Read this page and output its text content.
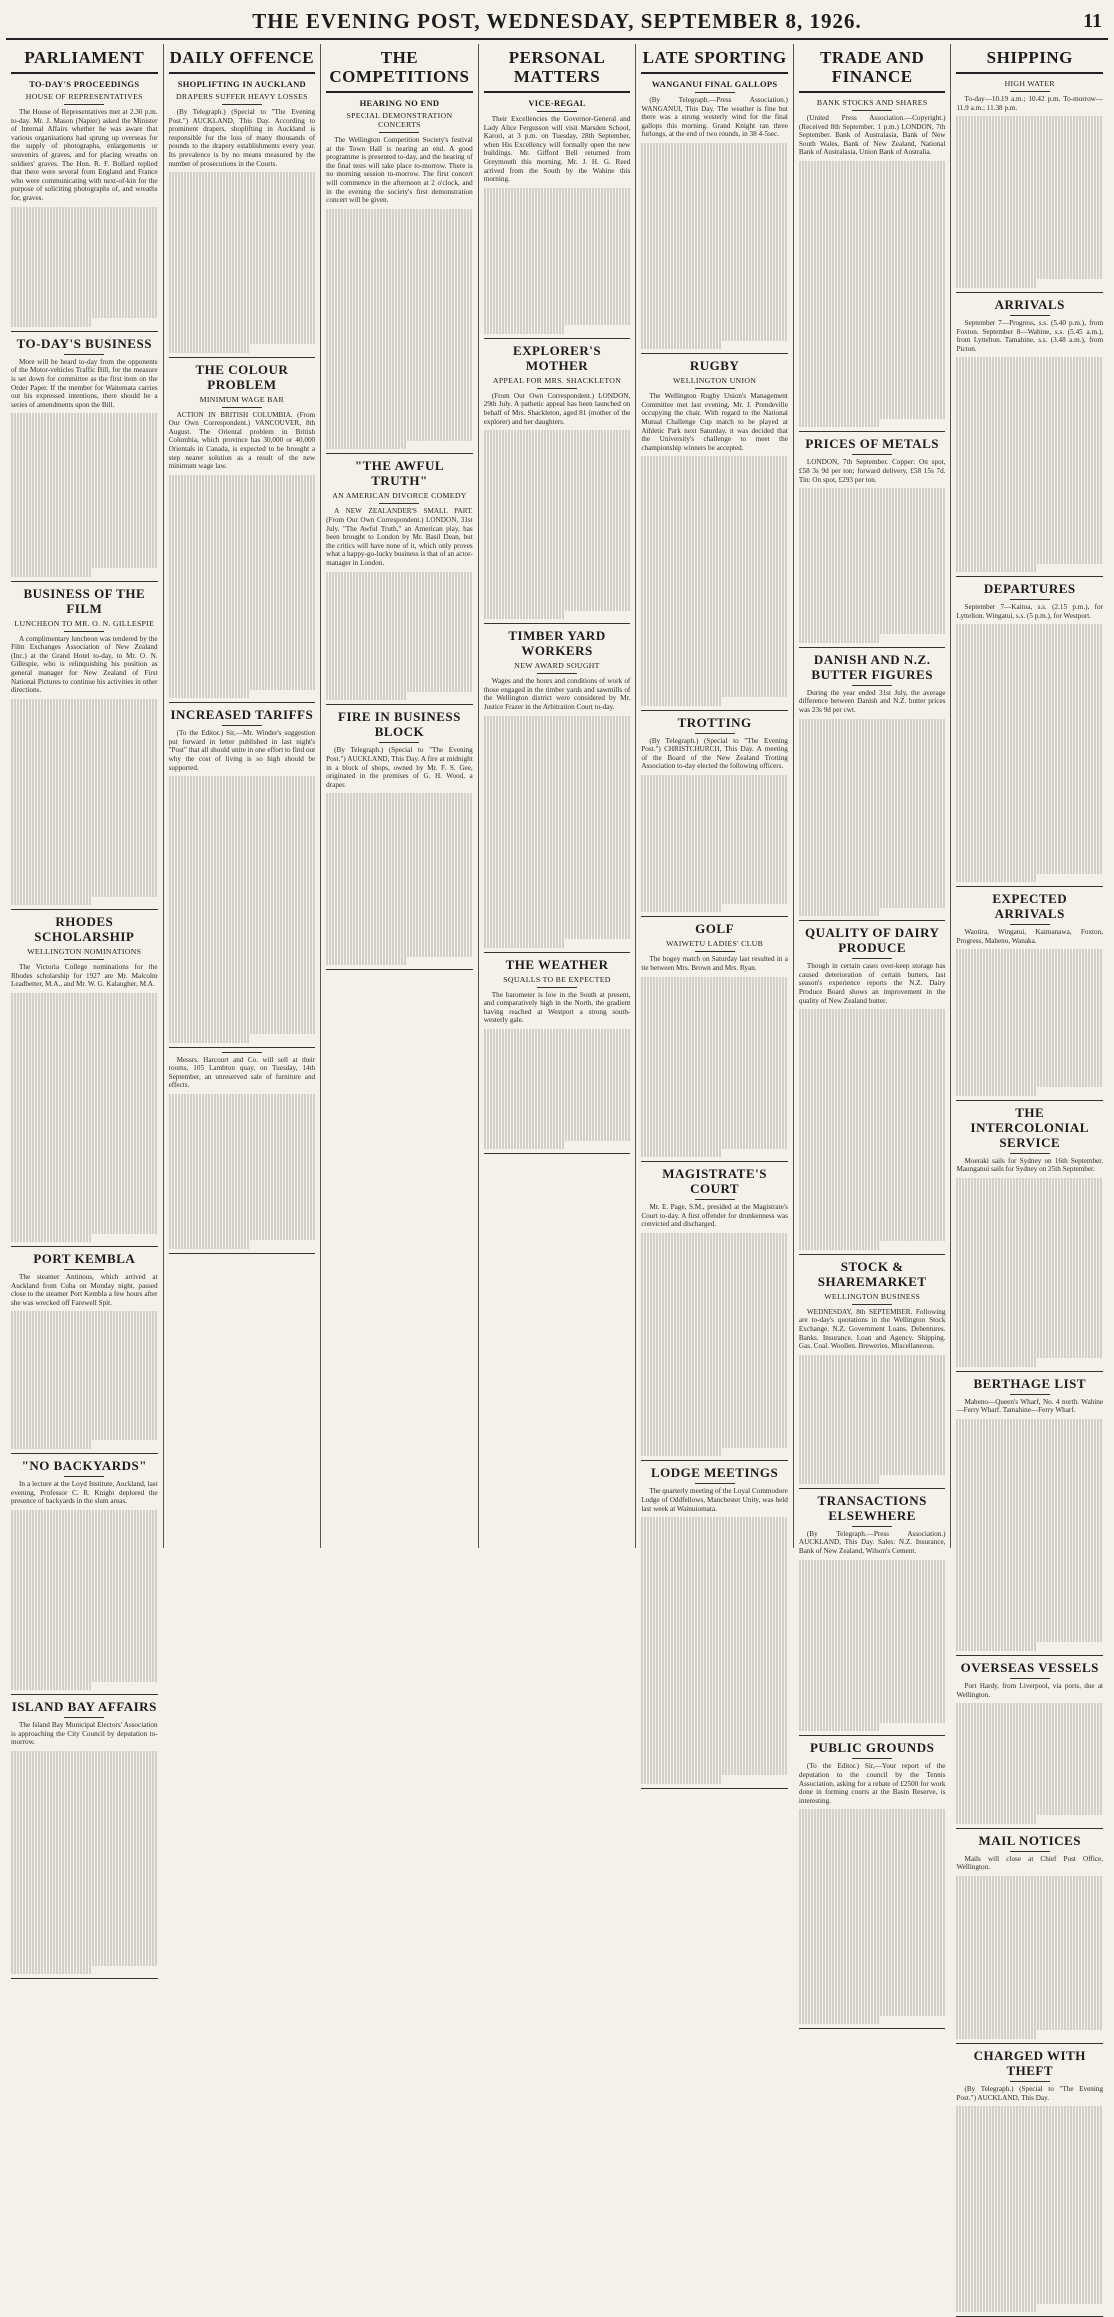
THE EVENING POST, WEDNESDAY, SEPTEMBER 8, 1926.	11
PARLIAMENT
TO-DAY'S PROCEEDINGS
HOUSE OF REPRESENTATIVES

The House of Representatives met at 2.30 p.m. to-day. Mr. J. Mason (Napier) asked the Minister of Internal Affairs whether he was aware that various organisations had sprung up overseas for the supply of photographs, enlargements or souvenirs of graves, and for placing wreaths on soldiers' graves. The Hon. R. F. Bollard replied that there were several from England and France who were communicating with next-of-kin for the purpose of soliciting photographs of, and wreaths for, graves.

TO-DAY'S BUSINESS

More will be heard to-day from the opponents of the Motor-vehicles Traffic Bill, for the measure is set down for committee as the first item on the Order Paper. If the member for Waitemata carries out his expressed intentions, there should be a series of amendments upon the Bill.

BUSINESS OF THE FILM
LUNCHEON TO MR. O. N. GILLESPIE

A complimentary luncheon was tendered by the Film Exchanges Association of New Zealand (Inc.) at the Grand Hotel to-day, to Mr. O. N. Gillespie, who is relinquishing his position as general manager for New Zealand of First National Pictures to continue his activities in other directions.

RHODES SCHOLARSHIP
WELLINGTON NOMINATIONS

The Victoria College nominations for the Rhodes scholarship for 1927 are Mr. Malcolm Leadbetter, M.A., and Mr. W. G. Kalaugher, M.A.

PORT KEMBLA

The steamer Antinous, which arrived at Auckland from Cuba on Monday night, passed close to the steamer Port Kembla a few hours after she was wrecked off Farewell Spit.

"NO BACKYARDS"

In a lecture at the Loyd Institute, Auckland, last evening, Professor C. R. Knight deplored the presence of backyards in the slum areas.

ISLAND BAY AFFAIRS

The Island Bay Municipal Electors' Association is approaching the City Council by deputation to-morrow.

DAILY OFFENCE
SHOPLIFTING IN AUCKLAND
DRAPERS SUFFER HEAVY LOSSES

(By Telegraph.) (Special to "The Evening Post.") AUCKLAND, This Day. According to prominent drapers, shoplifting in Auckland is responsible for the loss of many thousands of pounds to the drapery establishments every year. Its prevalence is by no means measured by the number of prosecutions in the Courts.

THE COLOUR PROBLEM
MINIMUM WAGE BAR

ACTION IN BRITISH COLUMBIA. (From Our Own Correspondent.) VANCOUVER, 8th August. The Oriental problem in British Columbia, which province has 30,000 or 40,000 Orientals in Canada, is expected to be brought a step nearer solution as a result of the new minimum wage law.

INCREASED TARIFFS

(To the Editor.) Sir,—Mr. Winder's suggestion put forward in letter published in last night's "Post" that all should unite in one effort to find out why the cost of living is so high should be supported.

Messrs. Harcourt and Co. will sell at their rooms, 105 Lambton quay, on Tuesday, 14th September, an unreserved sale of furniture and effects.

THE COMPETITIONS
HEARING NO END
SPECIAL DEMONSTRATION CONCERTS

The Wellington Competition Society's festival at the Town Hall is nearing an end. A good programme is presented to-day, and the hearing of the final tests will take place to-morrow. There is no morning session to-morrow. The first concert will commence in the afternoon at 2 o'clock, and in the evening the society's first demonstration concert will be given.

"THE AWFUL TRUTH"
AN AMERICAN DIVORCE COMEDY

A NEW ZEALANDER'S SMALL PART. (From Our Own Correspondent.) LONDON, 31st July. "The Awful Truth," an American play, has been brought to London by Mr. Basil Dean, but the critics will have none of it, which only proves what a happy-go-lucky business is that of an actor-manager in London.

FIRE IN BUSINESS BLOCK

(By Telegraph.) (Special to "The Evening Post.") AUCKLAND, This Day. A fire at midnight in a block of shops, owned by Mr. F. S. Gee, originated in the premises of G. H. Wood, a draper.

PERSONAL MATTERS
VICE-REGAL

Their Excellencies the Governor-General and Lady Alice Fergusson will visit Marsden School, Karori, at 3 p.m. on Tuesday, 28th September, when His Excellency will formally open the new buildings. Mr. Gifford Bell returned from Greymouth this morning. Mr. J. H. G. Reed arrived from the South by the Wahine this morning.

EXPLORER'S MOTHER
APPEAL FOR MRS. SHACKLETON

(From Our Own Correspondent.) LONDON, 29th July. A pathetic appeal has been launched on behalf of Mrs. Shackleton, aged 81 (mother of the explorer) and her daughters.

TIMBER YARD WORKERS
NEW AWARD SOUGHT

Wages and the hours and conditions of work of those engaged in the timber yards and sawmills of the Wellington district were considered by Mr. Justice Frazer in the Arbitration Court to-day.

THE WEATHER
SQUALLS TO BE EXPECTED

The barometer is low in the South at present, and comparatively high in the North, the gradient having reached at Westport a strong south-westerly gale.

LATE SPORTING
WANGANUI FINAL GALLOPS

(By Telegraph.—Press Association.) WANGANUI, This Day. The weather is fine but there was a strong westerly wind for the final gallops this morning. Grand Knight ran three furlongs, at the end of two rounds, in 38 4-5sec.

RUGBY
WELLINGTON UNION

The Wellington Rugby Union's Management Committee met last evening, Mr. J. Prendeville occupying the chair. With regard to the National Mutual Challenge Cup match to be played at Athletic Park next Saturday, it was decided that the University's challenge to meet the championship winners be accepted.

TROTTING

(By Telegraph.) (Special to "The Evening Post.") CHRISTCHURCH, This Day. A meeting of the Board of the New Zealand Trotting Association to-day elected the following officers.

GOLF
WAIWETU LADIES' CLUB

The bogey match on Saturday last resulted in a tie between Mrs. Brown and Mrs. Ryan.

MAGISTRATE'S COURT

Mr. E. Page, S.M., presided at the Magistrate's Court to-day. A first offender for drunkenness was convicted and discharged.

LODGE MEETINGS

The quarterly meeting of the Loyal Commodore Lodge of Oddfellows, Manchester Unity, was held last week at Wainuiomata.

TRADE AND FINANCE
BANK STOCKS AND SHARES

(United Press Association.—Copyright.) (Received 8th September, 1 p.m.) LONDON, 7th September. Bank of Australasia, Bank of New South Wales, Bank of New Zealand, National Bank of Australasia, Union Bank of Australia.

PRICES OF METALS

LONDON, 7th September. Copper: On spot, £58 3s 9d per ton; forward delivery, £58 15s 7d. Tin: On spot, £293 per ton.

DANISH AND N.Z. BUTTER FIGURES

During the year ended 31st July, the average difference between Danish and N.Z. butter prices was 23s 9d per cwt.

QUALITY OF DAIRY PRODUCE

Though in certain cases over-keep storage has caused deterioration of certain butters, last season's experience reports the N.Z. Dairy Produce Board shows an improvement in the quality of New Zealand butter.

STOCK & SHAREMARKET
WELLINGTON BUSINESS

WEDNESDAY, 8th SEPTEMBER. Following are to-day's quotations in the Wellington Stock Exchange. N.Z. Government Loans. Debentures. Banks. Insurance. Loan and Agency. Shipping. Gas. Coal. Woollen. Breweries. Miscellaneous.

TRANSACTIONS ELSEWHERE

(By Telegraph.—Press Association.) AUCKLAND, This Day. Sales: N.Z. Insurance, Bank of New Zealand, Wilson's Cement.

PUBLIC GROUNDS

(To the Editor.) Sir,—Your report of the deputation to the council by the Tennis Association, asking for a rebate of £2500 for work done in forming courts at the Basin Reserve, is interesting.

SHIPPING
HIGH WATER

To-day—10.19 a.m.; 10.42 p.m. To-morrow—11.9 a.m.; 11.38 p.m.

ARRIVALS

September 7—Progress, s.s. (5.40 p.m.), from Foxton. September 8—Wahine, s.s. (5.45 a.m.), from Lyttelton. Tamahine, s.s. (3.48 a.m.), from Picton.

DEPARTURES

September 7—Kaitoa, s.s. (2.15 p.m.), for Lyttelton. Wingatui, s.s. (5 p.m.), for Westport.

EXPECTED ARRIVALS

Waotira, Wingatui, Kaimanawa, Foxton, Progress, Maheno, Wanaka.

THE INTERCOLONIAL SERVICE

Moeraki sails for Sydney on 16th September. Maunganui sails for Sydney on 25th September.

BERTHAGE LIST

Maheno—Queen's Wharf, No. 4 north. Wahine—Ferry Wharf. Tamahine—Ferry Wharf.

OVERSEAS VESSELS

Port Hardy, from Liverpool, via ports, due at Wellington.

MAIL NOTICES

Mails will close at Chief Post Office, Wellington.

CHARGED WITH THEFT

(By Telegraph.) (Special to "The Evening Post.") AUCKLAND, This Day.
